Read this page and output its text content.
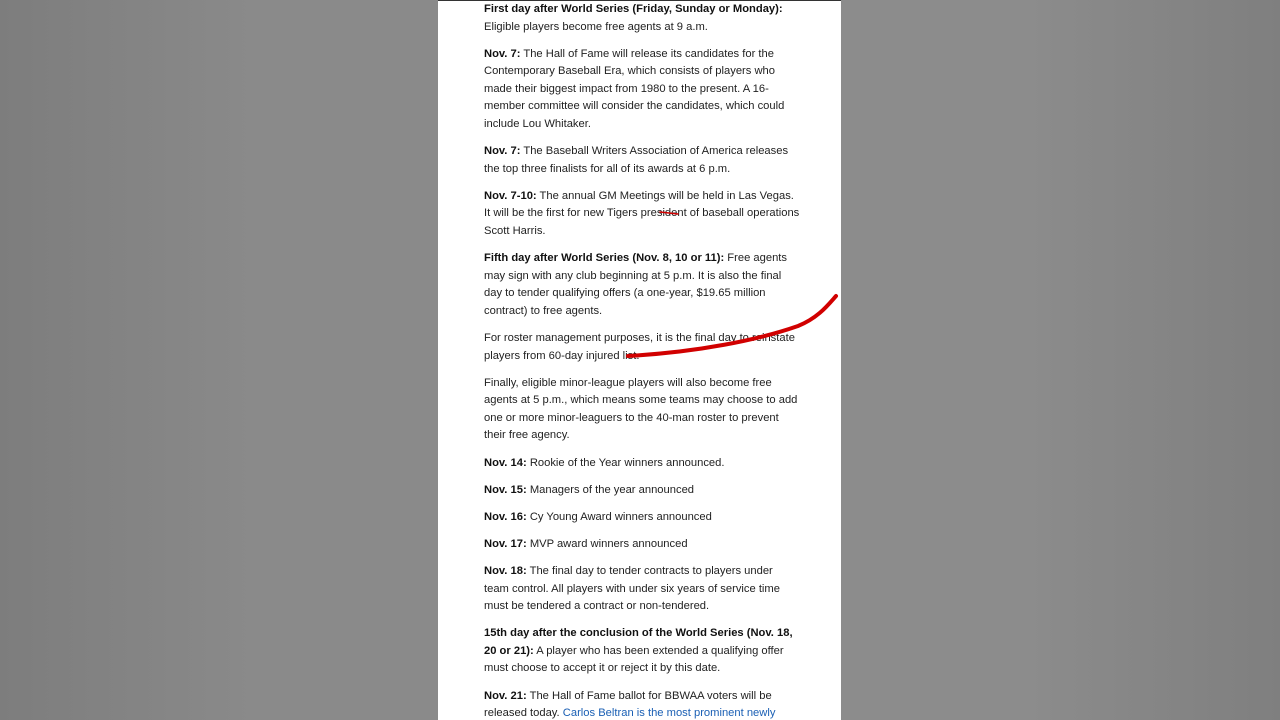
First day after World Series (Friday, Sunday or Monday):
Eligible players become free agents at 9 a.m.

Nov. 7: The Hall of Fame will release its candidates for the Contemporary Baseball Era, which consists of players who made their biggest impact from 1980 to the present. A 16-member committee will consider the candidates, which could include Lou Whitaker.

Nov. 7: The Baseball Writers Association of America releases the top three finalists for all of its awards at 6 p.m.

Nov. 7-10: The annual GM Meetings will be held in Las Vegas. It will be the first for new Tigers president of baseball operations Scott Harris.

Fifth day after World Series (Nov. 8, 10 or 11): Free agents may sign with any club beginning at 5 p.m. It is also the final day to tender qualifying offers (a one-year, $19.65 million contract) to free agents.

For roster management purposes, it is the final day to reinstate players from 60-day injured list.

Finally, eligible minor-league players will also become free agents at 5 p.m., which means some teams may choose to add one or more minor-leaguers to the 40-man roster to prevent their free agency.

Nov. 14: Rookie of the Year winners announced.

Nov. 15: Managers of the year announced

Nov. 16: Cy Young Award winners announced

Nov. 17: MVP award winners announced

Nov. 18: The final day to tender contracts to players under team control. All players with under six years of service time must be tendered a contract or non-tendered.

15th day after the conclusion of the World Series (Nov. 18, 20 or 21): A player who has been extended a qualifying offer must choose to accept it or reject it by this date.

Nov. 21: The Hall of Fame ballot for BBWAA voters will be released today. Carlos Beltran is the most prominent newly
